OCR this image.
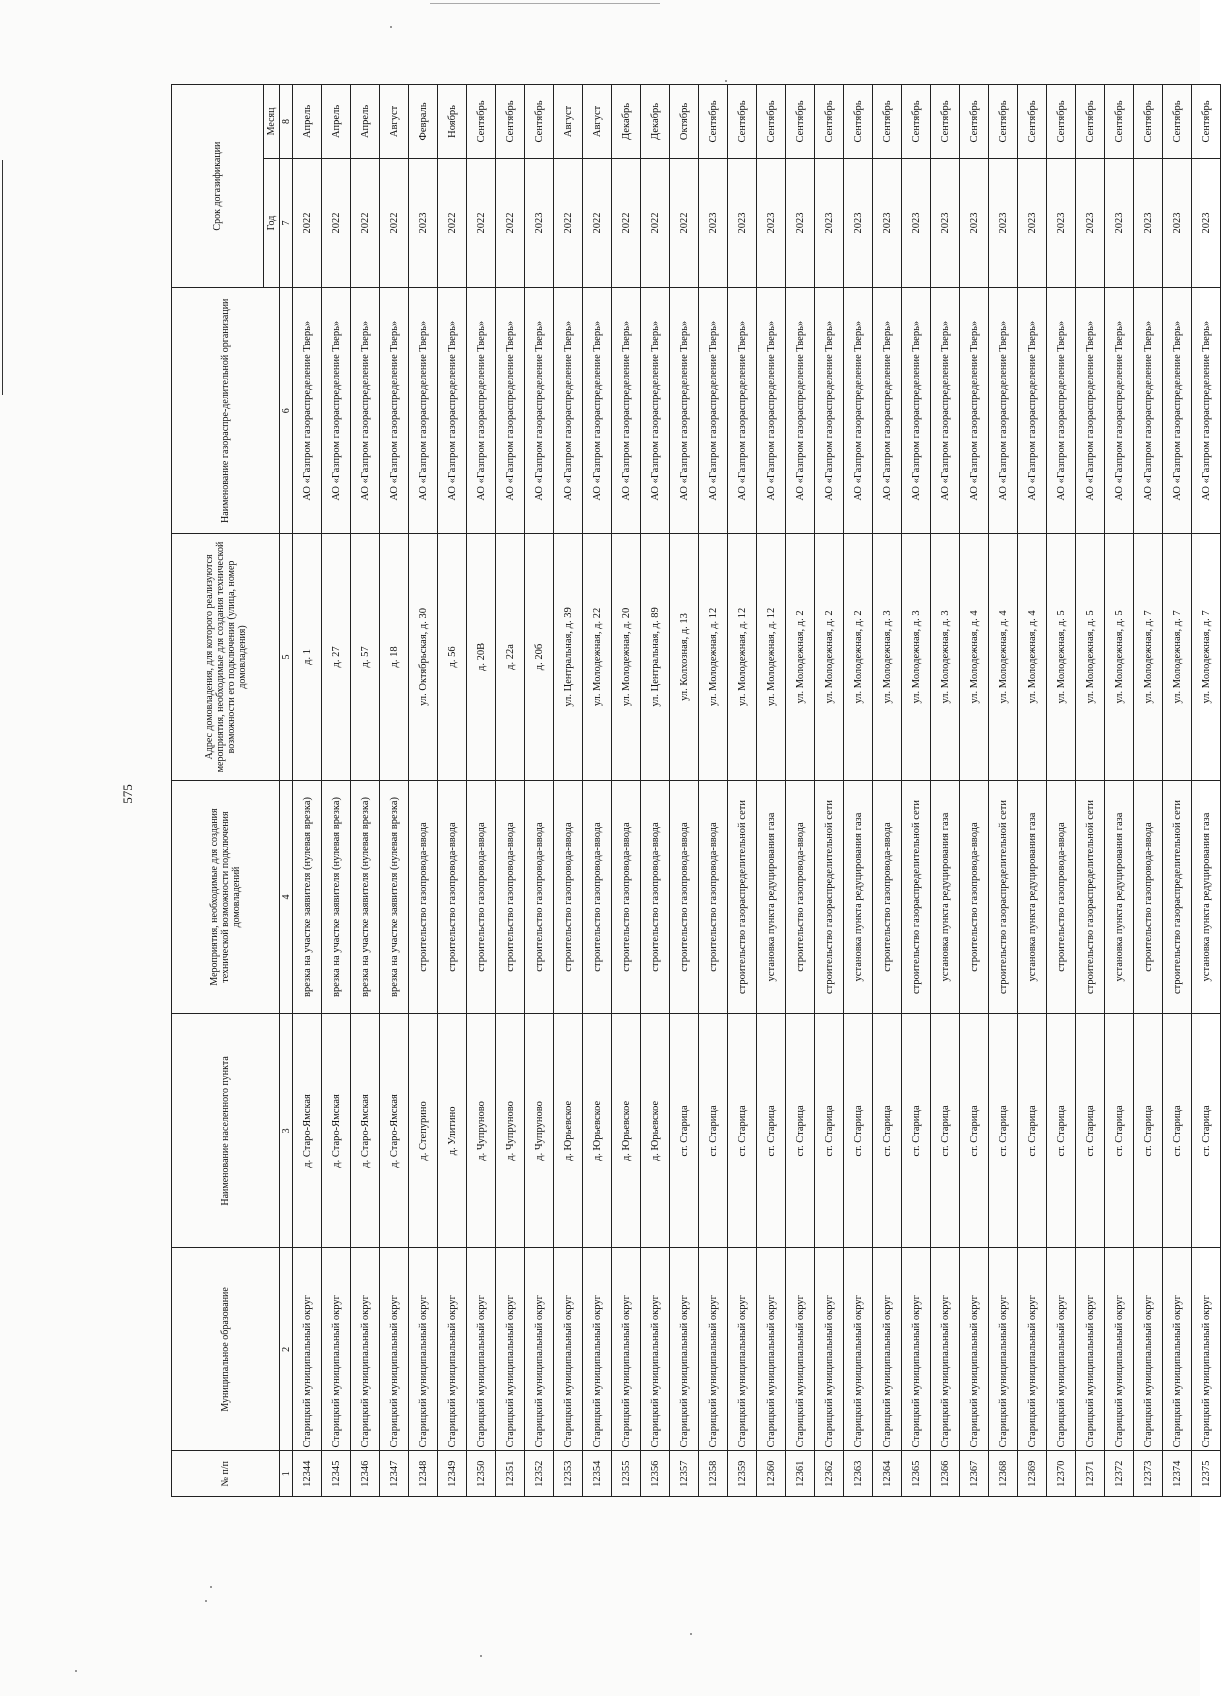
575
№ п/п	Муниципальное образование	Наименование населенного пункта	Мероприятия, необходимые для создания технической возможности подключения домовладений	Адрес домовладения, для которого реализуются мероприятия, необходимые для создания технической возможности его подключения (улица, номер домовладения)	Наименование газораспре-делительной организации	Срок догазификации	
						Год	Месяц
1	2	3	4	5	6	7	8
12344	Старицкий муниципальный округ	д. Старо-Ямская	врезка на участке заявителя (нулевая врезка)	д. 1	АО «Газпром газораспределение Тверь»	2022	Апрель
12345	Старицкий муниципальный округ	д. Старо-Ямская	врезка на участке заявителя (нулевая врезка)	д. 27	АО «Газпром газораспределение Тверь»	2022	Апрель
12346	Старицкий муниципальный округ	д. Старо-Ямская	врезка на участке заявителя (нулевая врезка)	д. 57	АО «Газпром газораспределение Тверь»	2022	Апрель
12347	Старицкий муниципальный округ	д. Старо-Ямская	врезка на участке заявителя (нулевая врезка)	д. 18	АО «Газпром газораспределение Тверь»	2022	Август
12348	Старицкий муниципальный округ	д. Степурино	строительство газопровода-ввода	ул. Октябрьская, д. 30	АО «Газпром газораспределение Тверь»	2023	Февраль
12349	Старицкий муниципальный округ	д. Улитино	строительство газопровода-ввода	д. 56	АО «Газпром газораспределение Тверь»	2022	Ноябрь
12350	Старицкий муниципальный округ	д. Чупруново	строительство газопровода-ввода	д. 20В	АО «Газпром газораспределение Тверь»	2022	Сентябрь
12351	Старицкий муниципальный округ	д. Чупруново	строительство газопровода-ввода	д. 22а	АО «Газпром газораспределение Тверь»	2022	Сентябрь
12352	Старицкий муниципальный округ	д. Чупруново	строительство газопровода-ввода	д. 20б	АО «Газпром газораспределение Тверь»	2023	Сентябрь
12353	Старицкий муниципальный округ	д. Юрьевское	строительство газопровода-ввода	ул. Центральная, д. 39	АО «Газпром газораспределение Тверь»	2022	Август
12354	Старицкий муниципальный округ	д. Юрьевское	строительство газопровода-ввода	ул. Молодежная, д. 22	АО «Газпром газораспределение Тверь»	2022	Август
12355	Старицкий муниципальный округ	д. Юрьевское	строительство газопровода-ввода	ул. Молодежная, д. 20	АО «Газпром газораспределение Тверь»	2022	Декабрь
12356	Старицкий муниципальный округ	д. Юрьевское	строительство газопровода-ввода	ул. Центральная, д. 89	АО «Газпром газораспределение Тверь»	2022	Декабрь
12357	Старицкий муниципальный округ	ст. Старица	строительство газопровода-ввода	ул. Колхозная, д. 13	АО «Газпром газораспределение Тверь»	2022	Октябрь
12358	Старицкий муниципальный округ	ст. Старица	строительство газопровода-ввода	ул. Молодежная, д. 12	АО «Газпром газораспределение Тверь»	2023	Сентябрь
12359	Старицкий муниципальный округ	ст. Старица	строительство газораспределительной сети	ул. Молодежная, д. 12	АО «Газпром газораспределение Тверь»	2023	Сентябрь
12360	Старицкий муниципальный округ	ст. Старица	установка пункта редуцирования газа	ул. Молодежная, д. 12	АО «Газпром газораспределение Тверь»	2023	Сентябрь
12361	Старицкий муниципальный округ	ст. Старица	строительство газопровода-ввода	ул. Молодежная, д. 2	АО «Газпром газораспределение Тверь»	2023	Сентябрь
12362	Старицкий муниципальный округ	ст. Старица	строительство газораспределительной сети	ул. Молодежная, д. 2	АО «Газпром газораспределение Тверь»	2023	Сентябрь
12363	Старицкий муниципальный округ	ст. Старица	установка пункта редуцирования газа	ул. Молодежная, д. 2	АО «Газпром газораспределение Тверь»	2023	Сентябрь
12364	Старицкий муниципальный округ	ст. Старица	строительство газопровода-ввода	ул. Молодежная, д. 3	АО «Газпром газораспределение Тверь»	2023	Сентябрь
12365	Старицкий муниципальный округ	ст. Старица	строительство газораспределительной сети	ул. Молодежная, д. 3	АО «Газпром газораспределение Тверь»	2023	Сентябрь
12366	Старицкий муниципальный округ	ст. Старица	установка пункта редуцирования газа	ул. Молодежная, д. 3	АО «Газпром газораспределение Тверь»	2023	Сентябрь
12367	Старицкий муниципальный округ	ст. Старица	строительство газопровода-ввода	ул. Молодежная, д. 4	АО «Газпром газораспределение Тверь»	2023	Сентябрь
12368	Старицкий муниципальный округ	ст. Старица	строительство газораспределительной сети	ул. Молодежная, д. 4	АО «Газпром газораспределение Тверь»	2023	Сентябрь
12369	Старицкий муниципальный округ	ст. Старица	установка пункта редуцирования газа	ул. Молодежная, д. 4	АО «Газпром газораспределение Тверь»	2023	Сентябрь
12370	Старицкий муниципальный округ	ст. Старица	строительство газопровода-ввода	ул. Молодежная, д. 5	АО «Газпром газораспределение Тверь»	2023	Сентябрь
12371	Старицкий муниципальный округ	ст. Старица	строительство газораспределительной сети	ул. Молодежная, д. 5	АО «Газпром газораспределение Тверь»	2023	Сентябрь
12372	Старицкий муниципальный округ	ст. Старица	установка пункта редуцирования газа	ул. Молодежная, д. 5	АО «Газпром газораспределение Тверь»	2023	Сентябрь
12373	Старицкий муниципальный округ	ст. Старица	строительство газопровода-ввода	ул. Молодежная, д. 7	АО «Газпром газораспределение Тверь»	2023	Сентябрь
12374	Старицкий муниципальный округ	ст. Старица	строительство газораспределительной сети	ул. Молодежная, д. 7	АО «Газпром газораспределение Тверь»	2023	Сентябрь
12375	Старицкий муниципальный округ	ст. Старица	установка пункта редуцирования газа	ул. Молодежная, д. 7	АО «Газпром газораспределение Тверь»	2023	Сентябрь
